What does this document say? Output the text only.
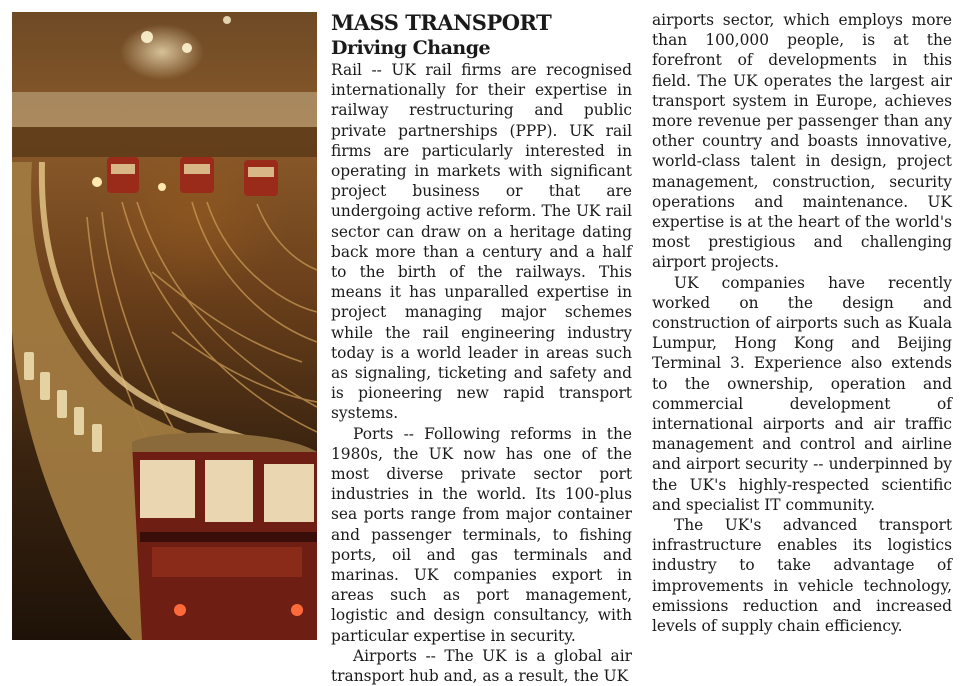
MASS TRANSPORT
Driving Change

Rail -- UK rail firms are recognised internationally for their expertise in railway restructuring and public private partnerships (PPP). UK rail firms are particularly interested in operating in markets with significant project business or that are undergoing active reform. The UK rail sector can draw on a heritage dating back more than a century and a half to the birth of the railways. This means it has unparalled expertise in project managing major schemes while the rail engineering industry today is a world leader in areas such as signaling, ticketing and safety and is pioneering new rapid transport systems.

Ports -- Following reforms in the 1980s, the UK now has one of the most diverse private sector port industries in the world. Its 100-plus sea ports range from major container and passenger terminals, to fishing ports, oil and gas terminals and marinas. UK companies export in areas such as port management, logistic and design consultancy, with particular expertise in security.

Airports -- The UK is a global air transport hub and, as a result, the UK

airports sector, which employs more than 100,000 people, is at the forefront of developments in this field. The UK operates the largest air transport system in Europe, achieves more revenue per passenger than any other country and boasts innovative, world-class talent in design, project management, construction, security operations and maintenance. UK expertise is at the heart of the world's most prestigious and challenging airport projects.

UK companies have recently worked on the design and construction of airports such as Kuala Lumpur, Hong Kong and Beijing Terminal 3. Experience also extends to the ownership, operation and commercial development of international airports and air traffic management and control and airline and airport security -- underpinned by the UK's highly-respected scientific and specialist IT community.

The UK's advanced transport infrastructure enables its logistics industry to take advantage of improvements in vehicle technology, emissions reduction and increased levels of supply chain efficiency.
